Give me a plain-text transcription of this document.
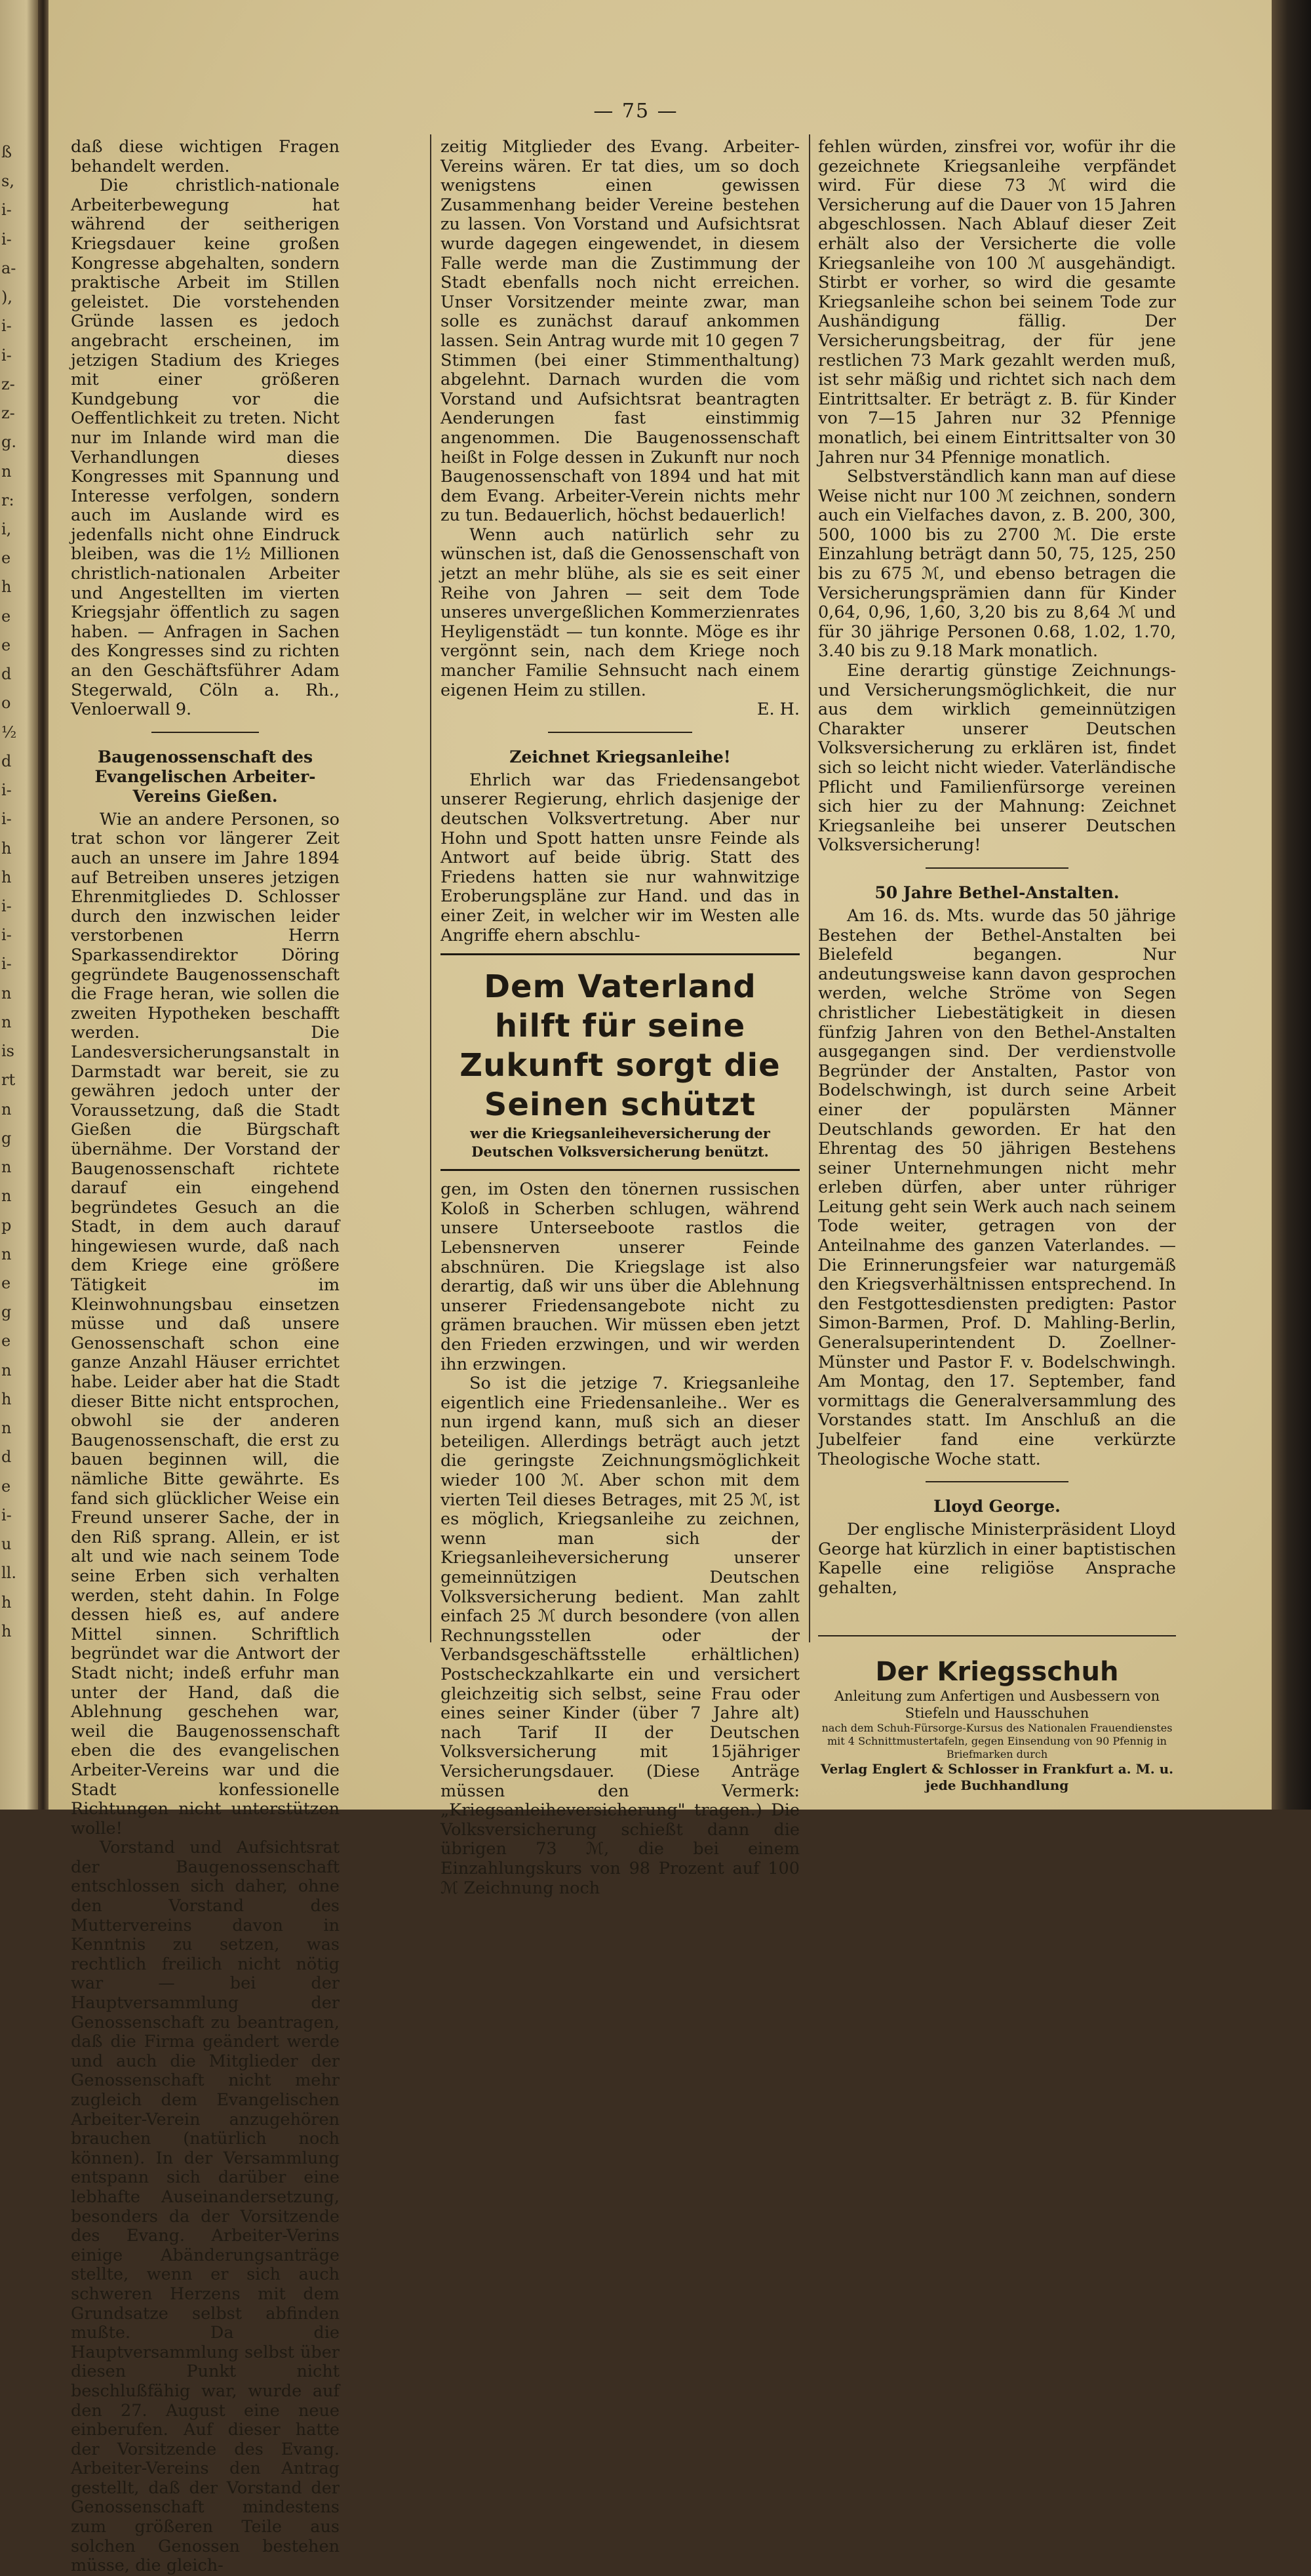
ß
s,
i-
i-
a-
),
i-
i-
z-
z-
g.
n
r:
i,
e
h
e
e
d
o
½
d
i-
i-
h
h
i-
i-
i-
n
n
is
rt
n
g
n
n
p
n
e
g
e
n
h
n
d
e
i-
u
ll.
h
h
— 75 —

daß diese wichtigen Fragen behandelt werden.

Die christlich-nationale Arbeiterbewegung hat während der seitherigen Kriegsdauer keine großen Kongresse abgehalten, sondern praktische Arbeit im Stillen geleistet. Die vorstehenden Gründe lassen es jedoch angebracht erscheinen, im jetzigen Stadium des Krieges mit einer größeren Kundgebung vor die Oeffentlichkeit zu treten. Nicht nur im Inlande wird man die Verhandlungen dieses Kongresses mit Spannung und Interesse verfolgen, sondern auch im Auslande wird es jedenfalls nicht ohne Eindruck bleiben, was die 1½ Millionen christlich-nationalen Arbeiter und Angestellten im vierten Kriegsjahr öffentlich zu sagen haben. — Anfragen in Sachen des Kongresses sind zu richten an den Geschäftsführer Adam Stegerwald, Cöln a. Rh., Venloerwall 9.

Baugenossenschaft des Evangelischen Arbeiter-Vereins Gießen.

Wie an andere Personen, so trat schon vor längerer Zeit auch an unsere im Jahre 1894 auf Betreiben unseres jetzigen Ehrenmitgliedes D. Schlosser durch den inzwischen leider verstorbenen Herrn Sparkassendirektor Döring gegründete Baugenossenschaft die Frage heran, wie sollen die zweiten Hypotheken beschafft werden. Die Landesversicherungsanstalt in Darmstadt war bereit, sie zu gewähren jedoch unter der Voraussetzung, daß die Stadt Gießen die Bürgschaft übernähme. Der Vorstand der Baugenossenschaft richtete darauf ein eingehend begründetes Gesuch an die Stadt, in dem auch darauf hingewiesen wurde, daß nach dem Kriege eine größere Tätigkeit im Kleinwohnungsbau einsetzen müsse und daß unsere Genossenschaft schon eine ganze Anzahl Häuser errichtet habe. Leider aber hat die Stadt dieser Bitte nicht entsprochen, obwohl sie der anderen Baugenossenschaft, die erst zu bauen beginnen will, die nämliche Bitte gewährte. Es fand sich glücklicher Weise ein Freund unserer Sache, der in den Riß sprang. Allein, er ist alt und wie nach seinem Tode seine Erben sich verhalten werden, steht dahin. In Folge dessen hieß es, auf andere Mittel sinnen. Schriftlich begründet war die Antwort der Stadt nicht; indeß erfuhr man unter der Hand, daß die Ablehnung geschehen war, weil die Baugenossenschaft eben die des evangelischen Arbeiter-Vereins war und die Stadt konfessionelle Richtungen nicht unterstützen wolle!

Vorstand und Aufsichtsrat der Baugenossenschaft entschlossen sich daher, ohne den Vorstand des Muttervereins davon in Kenntnis zu setzen, was rechtlich freilich nicht nötig war — bei der Hauptversammlung der Genossenschaft zu beantragen, daß die Firma geändert werde und auch die Mitglieder der Genossenschaft nicht mehr zugleich dem Evangelischen Arbeiter-Verein anzugehören brauchen (natürlich noch können). In der Versammlung entspann sich darüber eine lebhafte Auseinandersetzung, besonders da der Vorsitzende des Evang. Arbeiter-Verins einige Abänderungsanträge stellte, wenn er sich auch schweren Herzens mit dem Grundsatze selbst abfinden mußte. Da die Hauptversammlung selbst über diesen Punkt nicht beschlußfähig war, wurde auf den 27. August eine neue einberufen. Auf dieser hatte der Vorsitzende des Evang. Arbeiter-Vereins den Antrag gestellt, daß der Vorstand der Genossenschaft mindestens zum größeren Teile aus solchen Genossen bestehen müsse, die gleich-

zeitig Mitglieder des Evang. Arbeiter-Vereins wären. Er tat dies, um so doch wenigstens einen gewissen Zusammenhang beider Vereine bestehen zu lassen. Von Vorstand und Aufsichtsrat wurde dagegen eingewendet, in diesem Falle werde man die Zustimmung der Stadt ebenfalls noch nicht erreichen. Unser Vorsitzender meinte zwar, man solle es zunächst darauf ankommen lassen. Sein Antrag wurde mit 10 gegen 7 Stimmen (bei einer Stimmenthaltung) abgelehnt. Darnach wurden die vom Vorstand und Aufsichtsrat beantragten Aenderungen fast einstimmig angenommen. Die Baugenossenschaft heißt in Folge dessen in Zukunft nur noch Baugenossenschaft von 1894 und hat mit dem Evang. Arbeiter-Verein nichts mehr zu tun. Bedauerlich, höchst bedauerlich!

Wenn auch natürlich sehr zu wünschen ist, daß die Genossenschaft von jetzt an mehr blühe, als sie es seit einer Reihe von Jahren — seit dem Tode unseres unvergeßlichen Kommerzienrates Heyligenstädt — tun konnte. Möge es ihr vergönnt sein, nach dem Kriege noch mancher Familie Sehnsucht nach einem eigenen Heim zu stillen.

E. H.

Zeichnet Kriegsanleihe!

Ehrlich war das Friedensangebot unserer Regierung, ehrlich dasjenige der deutschen Volksvertretung. Aber nur Hohn und Spott hatten unsre Feinde als Antwort auf beide übrig. Statt des Friedens hatten sie nur wahnwitzige Eroberungspläne zur Hand. und das in einer Zeit, in welcher wir im Westen alle Angriffe ehern abschlu-

Dem Vaterland hilft für seine Zukunft sorgt die Seinen schützt

wer die Kriegsanleiheversicherung der Deutschen Volksversicherung benützt.

gen, im Osten den tönernen russischen Koloß in Scherben schlugen, während unsere Unterseeboote rastlos die Lebensnerven unserer Feinde abschnüren. Die Kriegslage ist also derartig, daß wir uns über die Ablehnung unserer Friedensangebote nicht zu grämen brauchen. Wir müssen eben jetzt den Frieden erzwingen, und wir werden ihn erzwingen.

So ist die jetzige 7. Kriegsanleihe eigentlich eine Friedensanleihe.. Wer es nun irgend kann, muß sich an dieser beteiligen. Allerdings beträgt auch jetzt die geringste Zeichnungsmöglichkeit wieder 100 ℳ. Aber schon mit dem vierten Teil dieses Betrages, mit 25 ℳ, ist es möglich, Kriegsanleihe zu zeichnen, wenn man sich der Kriegsanleiheversicherung unserer gemeinnützigen Deutschen Volksversicherung bedient. Man zahlt einfach 25 ℳ durch besondere (von allen Rechnungsstellen oder der Verbandsgeschäftsstelle erhältlichen) Postscheckzahlkarte ein und versichert gleichzeitig sich selbst, seine Frau oder eines seiner Kinder (über 7 Jahre alt) nach Tarif II der Deutschen Volksversicherung mit 15jähriger Versicherungsdauer. (Diese Anträge müssen den Vermerk: „Kriegsanleiheversicherung" tragen.) Die Volksversicherung schießt dann die übrigen 73 ℳ, die bei einem Einzahlungskurs von 98 Prozent auf 100 ℳ Zeichnung noch

fehlen würden, zinsfrei vor, wofür ihr die gezeichnete Kriegsanleihe verpfändet wird. Für diese 73 ℳ wird die Versicherung auf die Dauer von 15 Jahren abgeschlossen. Nach Ablauf dieser Zeit erhält also der Versicherte die volle Kriegsanleihe von 100 ℳ ausgehändigt. Stirbt er vorher, so wird die gesamte Kriegsanleihe schon bei seinem Tode zur Aushändigung fällig. Der Versicherungsbeitrag, der für jene restlichen 73 Mark gezahlt werden muß, ist sehr mäßig und richtet sich nach dem Eintrittsalter. Er beträgt z. B. für Kinder von 7—15 Jahren nur 32 Pfennige monatlich, bei einem Eintrittsalter von 30 Jahren nur 34 Pfennige monatlich.

Selbstverständlich kann man auf diese Weise nicht nur 100 ℳ zeichnen, sondern auch ein Vielfaches davon, z. B. 200, 300, 500, 1000 bis zu 2700 ℳ. Die erste Einzahlung beträgt dann 50, 75, 125, 250 bis zu 675 ℳ, und ebenso betragen die Versicherungsprämien dann für Kinder 0,64, 0,96, 1,60, 3,20 bis zu 8,64 ℳ und für 30 jährige Personen 0.68, 1.02, 1.70, 3.40 bis zu 9.18 Mark monatlich.

Eine derartig günstige Zeichnungs- und Versicherungsmöglichkeit, die nur aus dem wirklich gemeinnützigen Charakter unserer Deutschen Volksversicherung zu erklären ist, findet sich so leicht nicht wieder. Vaterländische Pflicht und Familienfürsorge vereinen sich hier zu der Mahnung: Zeichnet Kriegsanleihe bei unserer Deutschen Volksversicherung!

50 Jahre Bethel-Anstalten.

Am 16. ds. Mts. wurde das 50 jährige Bestehen der Bethel-Anstalten bei Bielefeld begangen. Nur andeutungsweise kann davon gesprochen werden, welche Ströme von Segen christlicher Liebestätigkeit in diesen fünfzig Jahren von den Bethel-Anstalten ausgegangen sind. Der verdienstvolle Begründer der Anstalten, Pastor von Bodelschwingh, ist durch seine Arbeit einer der populärsten Männer Deutschlands geworden. Er hat den Ehrentag des 50 jährigen Bestehens seiner Unternehmungen nicht mehr erleben dürfen, aber unter rühriger Leitung geht sein Werk auch nach seinem Tode weiter, getragen von der Anteilnahme des ganzen Vaterlandes. — Die Erinnerungsfeier war naturgemäß den Kriegsverhältnissen entsprechend. In den Festgottesdiensten predigten: Pastor Simon-Barmen, Prof. D. Mahling-Berlin, Generalsuperintendent D. Zoellner-Münster und Pastor F. v. Bodelschwingh. Am Montag, den 17. September, fand vormittags die Generalversammlung des Vorstandes statt. Im Anschluß an die Jubelfeier fand eine verkürzte Theologische Woche statt.

Lloyd George.

Der englische Ministerpräsident Lloyd George hat kürzlich in einer baptistischen Kapelle eine religiöse Ansprache gehalten,

Der Kriegsschuh

Anleitung zum Anfertigen und Ausbessern von Stiefeln und Hausschuhen

nach dem Schuh-Fürsorge-Kursus des Nationalen Frauendienstes

mit 4 Schnittmustertafeln, gegen Einsendung von 90 Pfennig in Briefmarken durch

Verlag Englert & Schlosser in Frankfurt a. M. u. jede Buchhandlung
